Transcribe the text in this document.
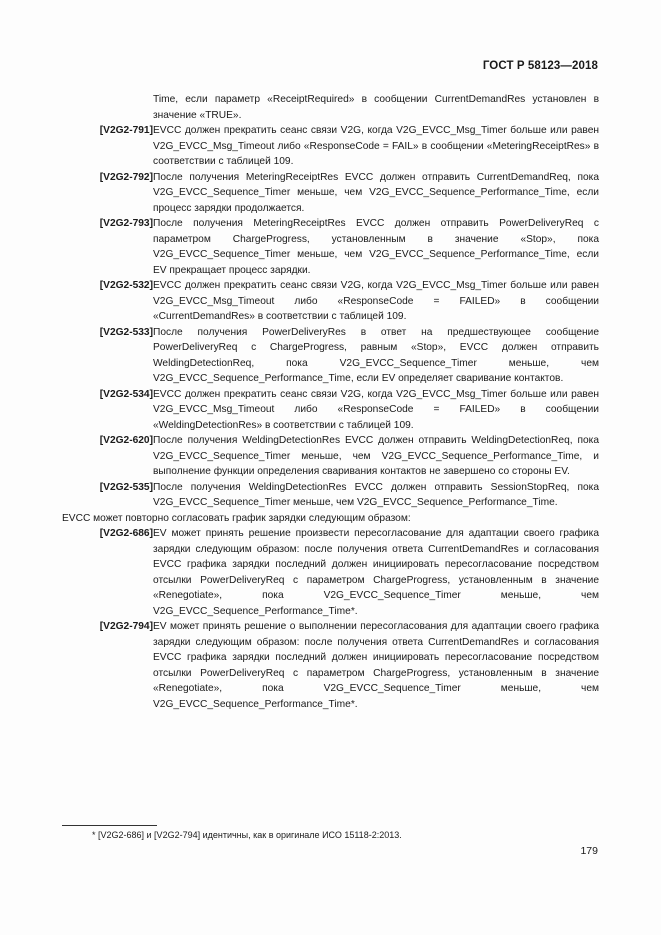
ГОСТ Р 58123—2018
Time, если параметр «ReceiptRequired» в сообщении CurrentDemandRes установлен в значение «TRUE».
[V2G2-791] EVCC должен прекратить сеанс связи V2G, когда V2G_EVCC_Msg_Timer больше или равен V2G_EVCC_Msg_Timeout либо «ResponseCode = FAIL» в сообщении «MeteringReceiptRes» в соответствии с таблицей 109.
[V2G2-792] После получения MeteringReceiptRes EVCC должен отправить CurrentDemandReq, пока V2G_EVCC_Sequence_Timer меньше, чем V2G_EVCC_Sequence_Performance_Time, если процесс зарядки продолжается.
[V2G2-793] После получения MeteringReceiptRes EVCC должен отправить PowerDeliveryReq с параметром ChargeProgress, установленным в значение «Stop», пока V2G_EVCC_Sequence_Timer меньше, чем V2G_EVCC_Sequence_Performance_Time, если EV прекращает процесс зарядки.
[V2G2-532] EVCC должен прекратить сеанс связи V2G, когда V2G_EVCC_Msg_Timer больше или равен V2G_EVCC_Msg_Timeout либо «ResponseCode = FAILED» в сообщении «CurrentDemandRes» в соответствии с таблицей 109.
[V2G2-533] После получения PowerDeliveryRes в ответ на предшествующее сообщение PowerDeliveryReq с ChargeProgress, равным «Stop», EVCC должен отправить WeldingDetectionReq, пока V2G_EVCC_Sequence_Timer меньше, чем V2G_EVCC_Sequence_Performance_Time, если EV определяет сваривание контактов.
[V2G2-534] EVCC должен прекратить сеанс связи V2G, когда V2G_EVCC_Msg_Timer больше или равен V2G_EVCC_Msg_Timeout либо «ResponseCode = FAILED» в сообщении «WeldingDetectionRes» в соответствии с таблицей 109.
[V2G2-620] После получения WeldingDetectionRes EVCC должен отправить WeldingDetectionReq, пока V2G_EVCC_Sequence_Timer меньше, чем V2G_EVCC_Sequence_Performance_Time, и выполнение функции определения сваривания контактов не завершено со стороны EV.
[V2G2-535] После получения WeldingDetectionRes EVCC должен отправить SessionStopReq, пока V2G_EVCC_Sequence_Timer меньше, чем V2G_EVCC_Sequence_Performance_Time.
EVCC может повторно согласовать график зарядки следующим образом:
[V2G2-686] EV может принять решение произвести пересогласование для адаптации своего графика зарядки следующим образом: после получения ответа CurrentDemandRes и согласования EVCC графика зарядки последний должен инициировать пересогласование посредством отсылки PowerDeliveryReq с параметром ChargeProgress, установленным в значение «Renegotiate», пока V2G_EVCC_Sequence_Timer меньше, чем V2G_EVCC_Sequence_Performance_Time*.
[V2G2-794] EV может принять решение о выполнении пересогласования для адаптации своего графика зарядки следующим образом: после получения ответа CurrentDemandRes и согласования EVCC графика зарядки последний должен инициировать пересогласование посредством отсылки PowerDeliveryReq с параметром ChargeProgress, установленным в значение «Renegotiate», пока V2G_EVCC_Sequence_Timer меньше, чем V2G_EVCC_Sequence_Performance_Time*.
* [V2G2-686] и [V2G2-794] идентичны, как в оригинале ИСО 15118-2:2013.
179
